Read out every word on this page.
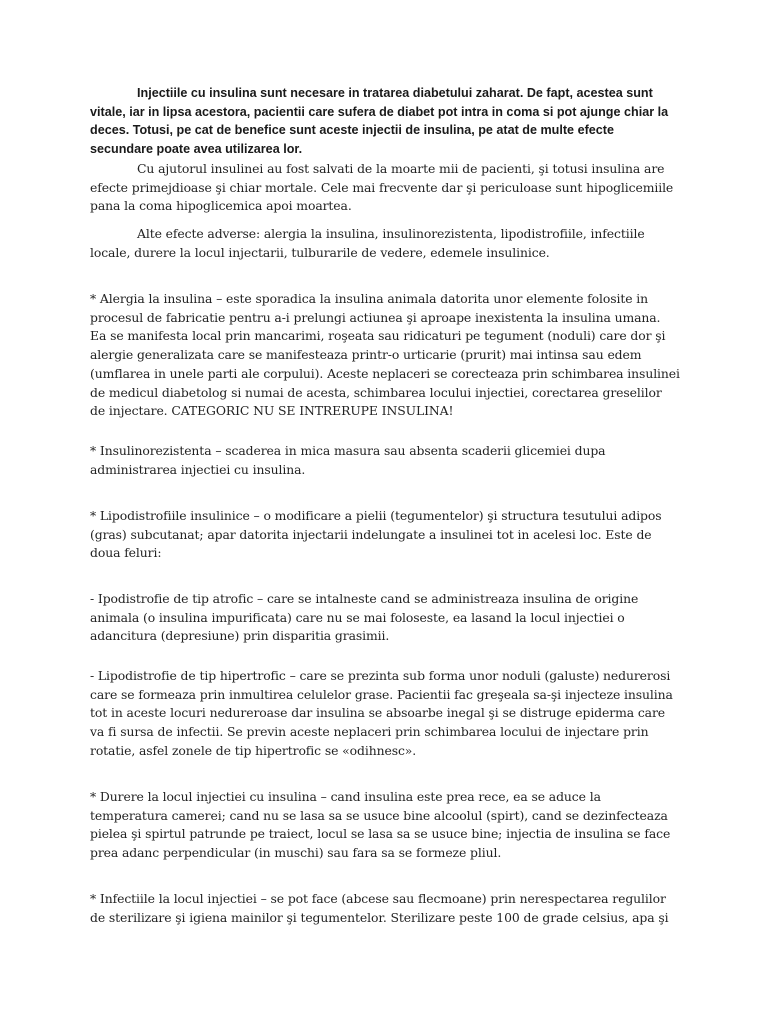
Injectiile cu insulina sunt necesare in tratarea diabetului zaharat. De fapt, acestea sunt vitale, iar in lipsa acestora, pacientii care sufera de diabet pot intra in coma si pot ajunge chiar la deces. Totusi, pe cat de benefice sunt aceste injectii de insulina, pe atat de multe efecte secundare poate avea utilizarea lor.

Cu ajutorul insulinei au fost salvati de la moarte mii de pacienti, şi totusi insulina are efecte primejdioase şi chiar mortale. Cele mai frecvente dar şi periculoase sunt hipoglicemiile pana la coma hipoglicemica apoi moartea.

Alte efecte adverse: alergia la insulina, insulinorezistenta, lipodistrofiile, infectiile locale, durere la locul injectarii, tulburarile de vedere, edemele insulinice.

* Alergia la insulina – este sporadica la insulina animala datorita unor elemente folosite in procesul de fabricatie pentru a-i prelungi actiunea şi aproape inexistenta la insulina umana. Ea se manifesta local prin mancarimi, roşeata sau ridicaturi pe tegument (noduli) care dor şi alergie generalizata care se manifesteaza printr-o urticarie (prurit) mai intinsa sau edem (umflarea in unele parti ale corpului). Aceste neplaceri se corecteaza prin schimbarea insulinei de medicul diabetolog si numai de acesta, schimbarea locului injectiei, corectarea greselilor de injectare. CATEGORIC NU SE INTRERUPE INSULINA!

* Insulinorezistenta – scaderea in mica masura sau absenta scaderii glicemiei dupa administrarea injectiei cu insulina.

* Lipodistrofiile insulinice – o modificare a pielii (tegumentelor) şi structura tesutului adipos (gras) subcutanat; apar datorita injectarii indelungate a insulinei tot in acelesi loc. Este de doua feluri:

- Ipodistrofie de tip atrofic – care se intalneste cand se administreaza insulina de origine animala (o insulina impurificata) care nu se mai foloseste, ea lasand la locul injectiei o adancitura (depresiune) prin disparitia grasimii.

- Lipodistrofie de tip hipertrofic – care se prezinta sub forma unor noduli (galuste) nedurerosi care se formeaza prin inmultirea celulelor grase. Pacientii fac greşeala sa-şi injecteze insulina tot in aceste locuri nedureroase dar insulina se absoarbe inegal şi se distruge epiderma care va fi sursa de infectii. Se previn aceste neplaceri prin schimbarea locului de injectare prin rotatie, asfel zonele de tip hipertrofic se «odihnesc».

* Durere la locul injectiei cu insulina – cand insulina este prea rece, ea se aduce la temperatura camerei; cand nu se lasa sa se usuce bine alcoolul (spirt), cand se dezinfecteaza pielea şi spirtul patrunde pe traiect, locul se lasa sa se usuce bine; injectia de insulina se face prea adanc perpendicular (in muschi) sau fara sa se formeze pliul.

* Infectiile la locul injectiei – se pot face (abcese sau flecmoane) prin nerespectarea regulilor de sterilizare şi igiena mainilor şi tegumentelor. Sterilizare peste 100 de grade celsius, apa şi
